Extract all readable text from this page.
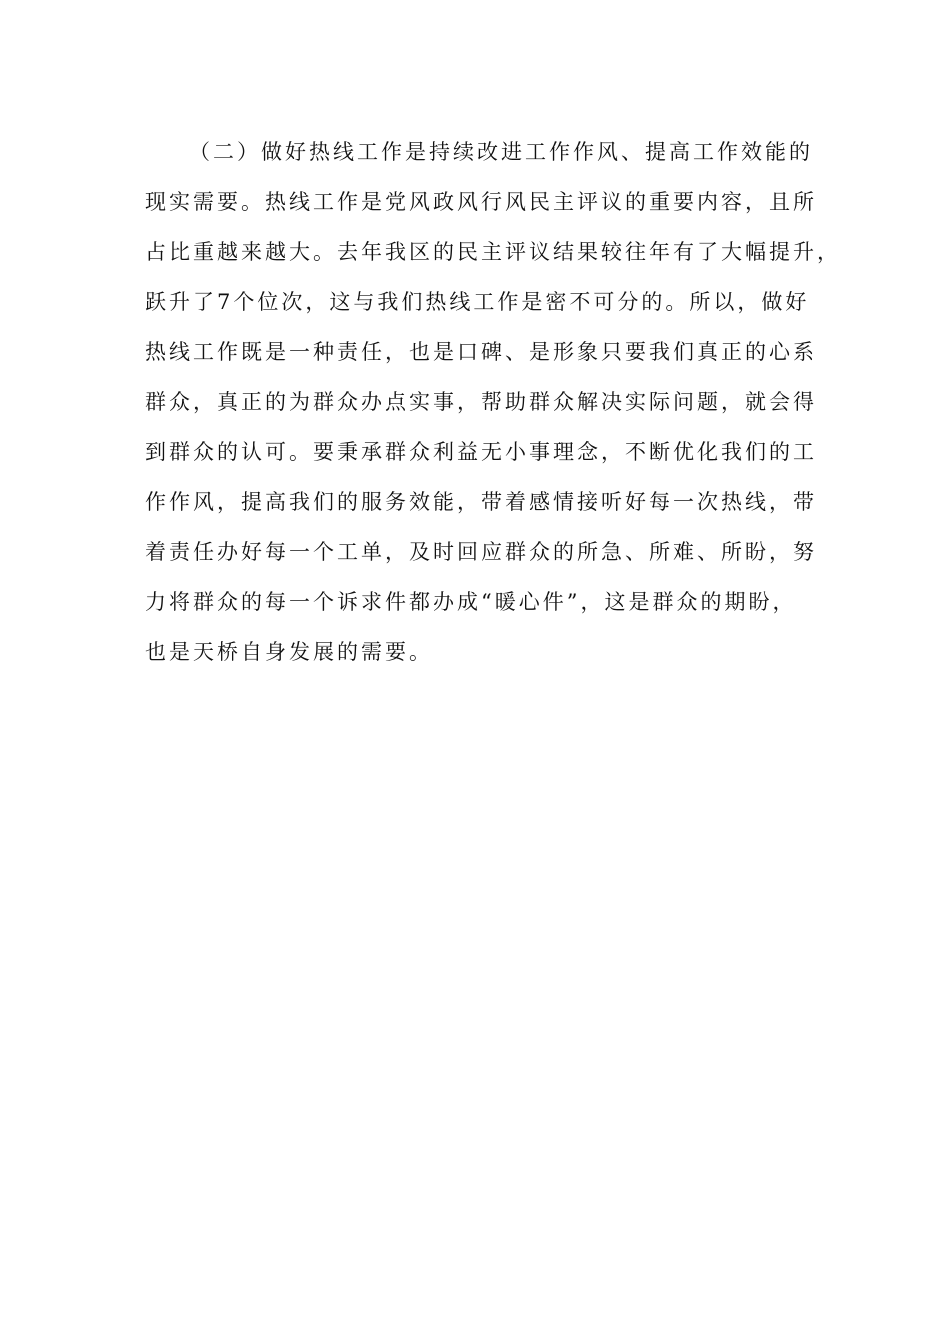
（二）做好热线工作是持续改进工作作风、提高工作效能的
现实需要。热线工作是党风政风行风民主评议的重要内容，且所
占比重越来越大。去年我区的民主评议结果较往年有了大幅提升，
跃升了7个位次，这与我们热线工作是密不可分的。所以，做好
热线工作既是一种责任，也是口碑、是形象只要我们真正的心系
群众，真正的为群众办点实事，帮助群众解决实际问题，就会得
到群众的认可。要秉承群众利益无小事理念，不断优化我们的工
作作风，提高我们的服务效能，带着感情接听好每一次热线，带
着责任办好每一个工单，及时回应群众的所急、所难、所盼，努
力将群众的每一个诉求件都办成“暖心件”，这是群众的期盼，
也是天桥自身发展的需要。
